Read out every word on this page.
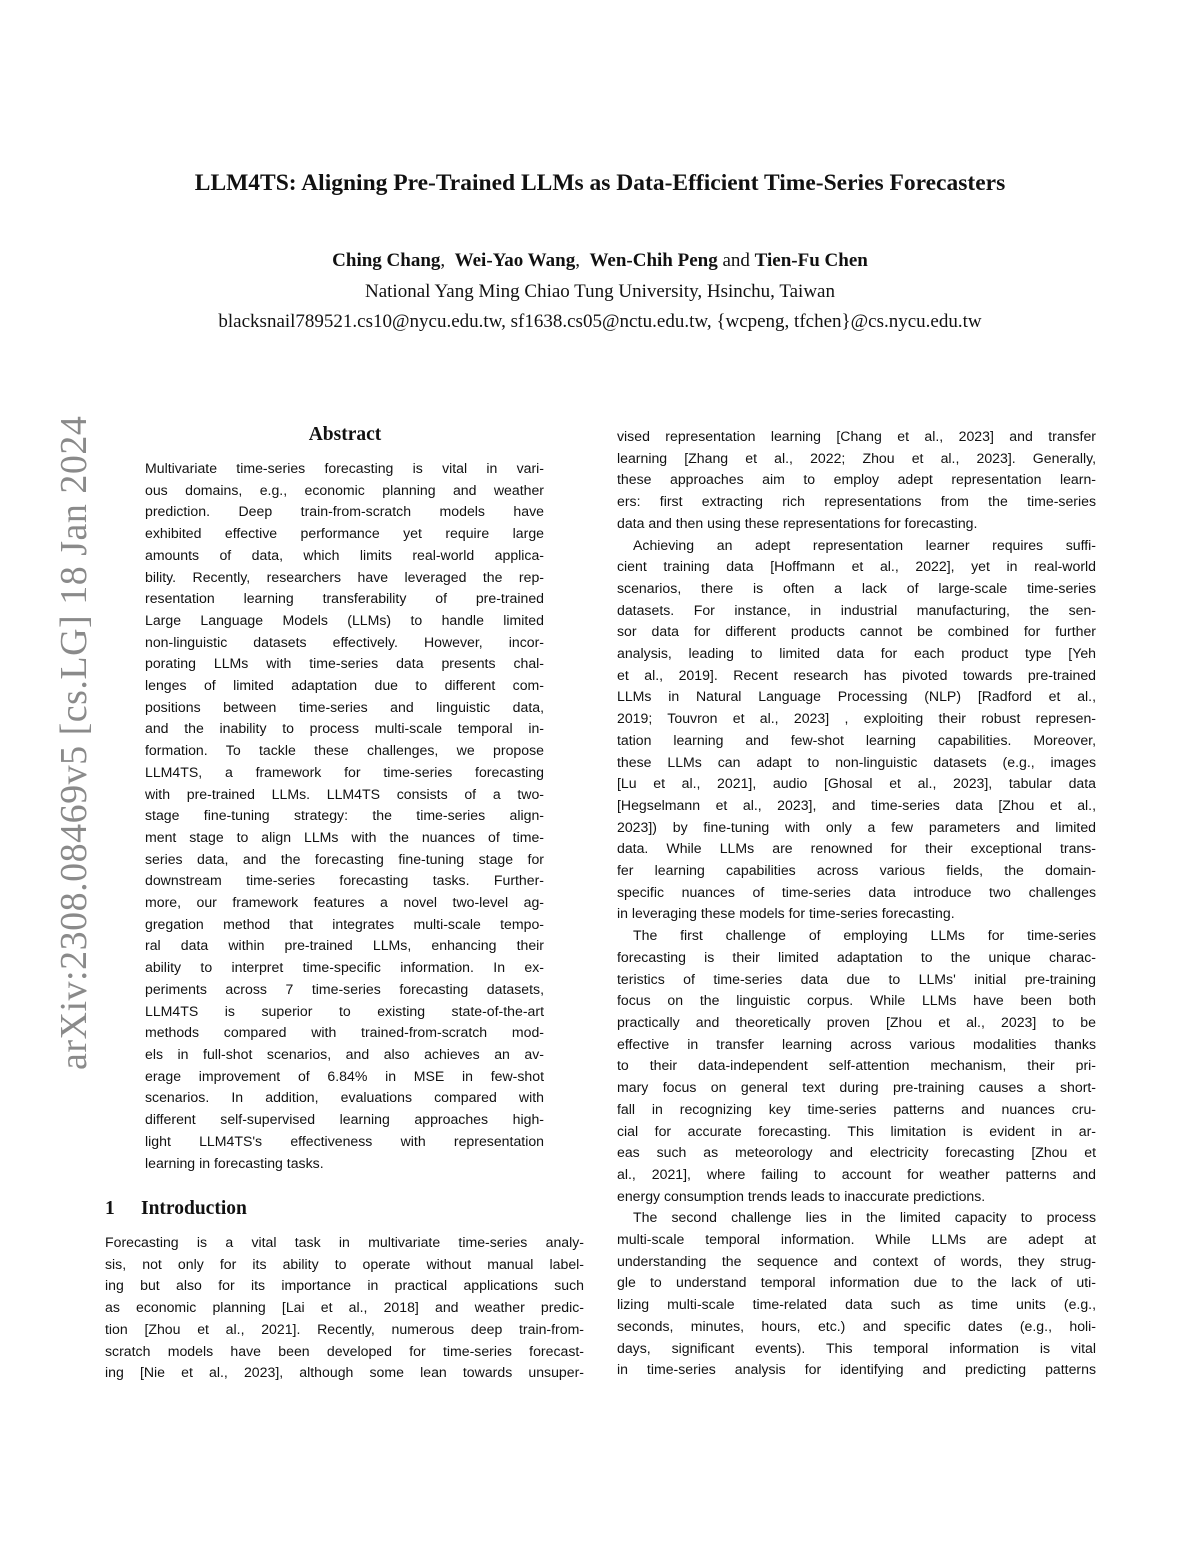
arXiv:2308.08469v5 [cs.LG] 18 Jan 2024
LLM4TS: Aligning Pre-Trained LLMs as Data-Efficient Time-Series Forecasters
Ching Chang,  Wei-Yao Wang,  Wen-Chih Peng and Tien-Fu Chen
National Yang Ming Chiao Tung University, Hsinchu, Taiwan
blacksnail789521.cs10@nycu.edu.tw, sf1638.cs05@nctu.edu.tw, {wcpeng, tfchen}@cs.nycu.edu.tw
Abstract
Multivariate time-series forecasting is vital in vari-
ous domains, e.g., economic planning and weather
prediction. Deep train-from-scratch models have
exhibited effective performance yet require large
amounts of data, which limits real-world applica-
bility. Recently, researchers have leveraged the rep-
resentation learning transferability of pre-trained
Large Language Models (LLMs) to handle limited
non-linguistic datasets effectively. However, incor-
porating LLMs with time-series data presents chal-
lenges of limited adaptation due to different com-
positions between time-series and linguistic data,
and the inability to process multi-scale temporal in-
formation. To tackle these challenges, we propose
LLM4TS, a framework for time-series forecasting
with pre-trained LLMs. LLM4TS consists of a two-
stage fine-tuning strategy: the time-series align-
ment stage to align LLMs with the nuances of time-
series data, and the forecasting fine-tuning stage for
downstream time-series forecasting tasks. Further-
more, our framework features a novel two-level ag-
gregation method that integrates multi-scale tempo-
ral data within pre-trained LLMs, enhancing their
ability to interpret time-specific information. In ex-
periments across 7 time-series forecasting datasets,
LLM4TS is superior to existing state-of-the-art
methods compared with trained-from-scratch mod-
els in full-shot scenarios, and also achieves an av-
erage improvement of 6.84% in MSE in few-shot
scenarios. In addition, evaluations compared with
different self-supervised learning approaches high-
light LLM4TS's effectiveness with representation
learning in forecasting tasks.
1 Introduction
Forecasting is a vital task in multivariate time-series analy-
sis, not only for its ability to operate without manual label-
ing but also for its importance in practical applications such
as economic planning [Lai et al., 2018] and weather predic-
tion [Zhou et al., 2021]. Recently, numerous deep train-from-
scratch models have been developed for time-series forecast-
ing [Nie et al., 2023], although some lean towards unsuper-
vised representation learning [Chang et al., 2023] and transfer
learning [Zhang et al., 2022; Zhou et al., 2023]. Generally,
these approaches aim to employ adept representation learn-
ers: first extracting rich representations from the time-series
data and then using these representations for forecasting.
Achieving an adept representation learner requires suffi-
cient training data [Hoffmann et al., 2022], yet in real-world
scenarios, there is often a lack of large-scale time-series
datasets. For instance, in industrial manufacturing, the sen-
sor data for different products cannot be combined for further
analysis, leading to limited data for each product type [Yeh
et al., 2019]. Recent research has pivoted towards pre-trained
LLMs in Natural Language Processing (NLP) [Radford et al.,
2019; Touvron et al., 2023] , exploiting their robust represen-
tation learning and few-shot learning capabilities. Moreover,
these LLMs can adapt to non-linguistic datasets (e.g., images
[Lu et al., 2021], audio [Ghosal et al., 2023], tabular data
[Hegselmann et al., 2023], and time-series data [Zhou et al.,
2023]) by fine-tuning with only a few parameters and limited
data. While LLMs are renowned for their exceptional trans-
fer learning capabilities across various fields, the domain-
specific nuances of time-series data introduce two challenges
in leveraging these models for time-series forecasting.
The first challenge of employing LLMs for time-series
forecasting is their limited adaptation to the unique charac-
teristics of time-series data due to LLMs' initial pre-training
focus on the linguistic corpus. While LLMs have been both
practically and theoretically proven [Zhou et al., 2023] to be
effective in transfer learning across various modalities thanks
to their data-independent self-attention mechanism, their pri-
mary focus on general text during pre-training causes a short-
fall in recognizing key time-series patterns and nuances cru-
cial for accurate forecasting. This limitation is evident in ar-
eas such as meteorology and electricity forecasting [Zhou et
al., 2021], where failing to account for weather patterns and
energy consumption trends leads to inaccurate predictions.
The second challenge lies in the limited capacity to process
multi-scale temporal information. While LLMs are adept at
understanding the sequence and context of words, they strug-
gle to understand temporal information due to the lack of uti-
lizing multi-scale time-related data such as time units (e.g.,
seconds, minutes, hours, etc.) and specific dates (e.g., holi-
days, significant events). This temporal information is vital
in time-series analysis for identifying and predicting patterns
